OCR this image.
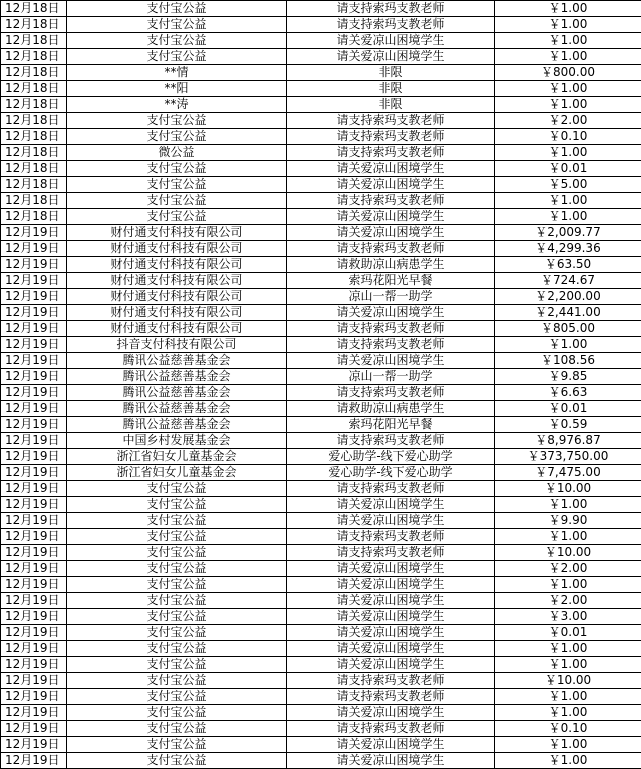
12月18日	支付宝公益	请支持索玛支教老师	￥1.00
12月18日	支付宝公益	请支持索玛支教老师	￥1.00
12月18日	支付宝公益	请关爱凉山困境学生	￥1.00
12月18日	支付宝公益	请关爱凉山困境学生	￥1.00
12月18日	**情	非限	￥800.00
12月18日	**阳	非限	￥1.00
12月18日	**涛	非限	￥1.00
12月18日	支付宝公益	请支持索玛支教老师	￥2.00
12月18日	支付宝公益	请支持索玛支教老师	￥0.10
12月18日	微公益	请支持索玛支教老师	￥1.00
12月18日	支付宝公益	请关爱凉山困境学生	￥0.01
12月18日	支付宝公益	请关爱凉山困境学生	￥5.00
12月18日	支付宝公益	请支持索玛支教老师	￥1.00
12月18日	支付宝公益	请关爱凉山困境学生	￥1.00
12月19日	财付通支付科技有限公司	请关爱凉山困境学生	￥2,009.77
12月19日	财付通支付科技有限公司	请支持索玛支教老师	￥4,299.36
12月19日	财付通支付科技有限公司	请救助凉山病患学生	￥63.50
12月19日	财付通支付科技有限公司	索玛花阳光早餐	￥724.67
12月19日	财付通支付科技有限公司	凉山一帮一助学	￥2,200.00
12月19日	财付通支付科技有限公司	请关爱凉山困境学生	￥2,441.00
12月19日	财付通支付科技有限公司	请支持索玛支教老师	￥805.00
12月19日	抖音支付科技有限公司	请支持索玛支教老师	￥1.00
12月19日	腾讯公益慈善基金会	请关爱凉山困境学生	￥108.56
12月19日	腾讯公益慈善基金会	凉山一帮一助学	￥9.85
12月19日	腾讯公益慈善基金会	请支持索玛支教老师	￥6.63
12月19日	腾讯公益慈善基金会	请救助凉山病患学生	￥0.01
12月19日	腾讯公益慈善基金会	索玛花阳光早餐	￥0.59
12月19日	中国乡村发展基金会	请支持索玛支教老师	￥8,976.87
12月19日	浙江省妇女儿童基金会	爱心助学-线下爱心助学	￥373,750.00
12月19日	浙江省妇女儿童基金会	爱心助学-线下爱心助学	￥7,475.00
12月19日	支付宝公益	请支持索玛支教老师	￥10.00
12月19日	支付宝公益	请关爱凉山困境学生	￥1.00
12月19日	支付宝公益	请关爱凉山困境学生	￥9.90
12月19日	支付宝公益	请支持索玛支教老师	￥1.00
12月19日	支付宝公益	请支持索玛支教老师	￥10.00
12月19日	支付宝公益	请关爱凉山困境学生	￥2.00
12月19日	支付宝公益	请关爱凉山困境学生	￥1.00
12月19日	支付宝公益	请关爱凉山困境学生	￥2.00
12月19日	支付宝公益	请关爱凉山困境学生	￥3.00
12月19日	支付宝公益	请关爱凉山困境学生	￥0.01
12月19日	支付宝公益	请关爱凉山困境学生	￥1.00
12月19日	支付宝公益	请关爱凉山困境学生	￥1.00
12月19日	支付宝公益	请支持索玛支教老师	￥10.00
12月19日	支付宝公益	请支持索玛支教老师	￥1.00
12月19日	支付宝公益	请关爱凉山困境学生	￥1.00
12月19日	支付宝公益	请支持索玛支教老师	￥0.10
12月19日	支付宝公益	请关爱凉山困境学生	￥1.00
12月19日	支付宝公益	请关爱凉山困境学生	￥1.00
